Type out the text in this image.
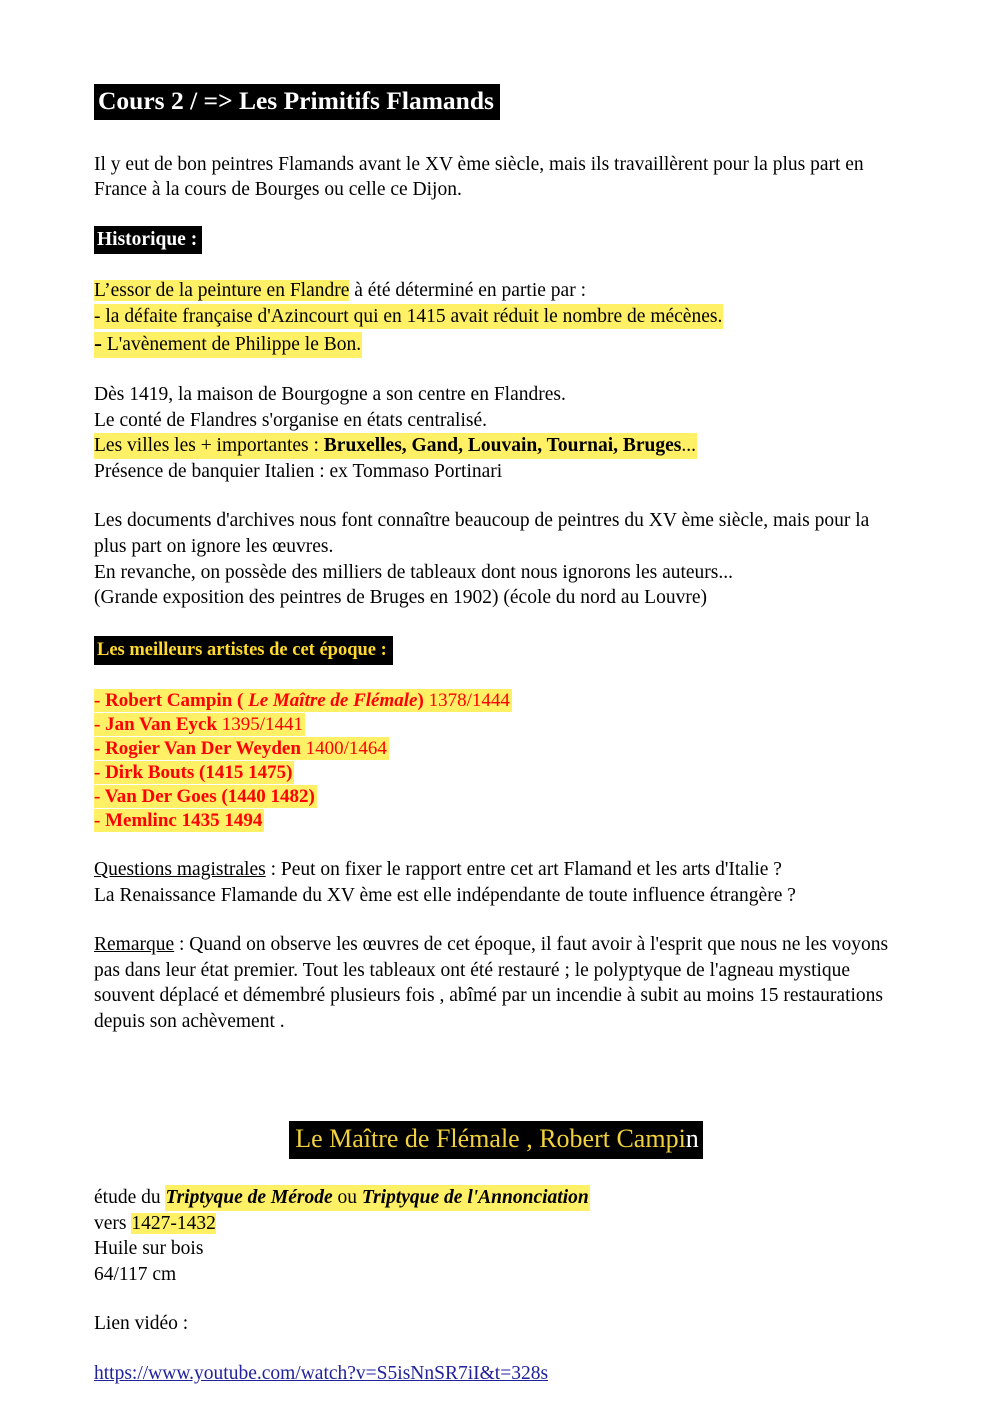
Cours 2 / => Les Primitifs Flamands

Il y eut de bon peintres Flamands avant le XV ème siècle, mais ils travaillèrent pour la plus part en France à la cours de Bourges ou celle ce Dijon.

Historique :
L’essor de la peinture en Flandre à été déterminé en partie par :
- la défaite française d'Azincourt qui en 1415 avait réduit le nombre de mécènes.
- L'avènement de Philippe le Bon.
Dès 1419, la maison de Bourgogne a son centre en Flandres.
Le conté de Flandres s'organise en états centralisé.
Les villes les + importantes : Bruxelles, Gand, Louvain, Tournai, Bruges...
Présence de banquier Italien : ex Tommaso Portinari

Les documents d'archives nous font connaître beaucoup de peintres du XV ème siècle, mais pour la plus part on ignore les œuvres.

En revanche, on possède des milliers de tableaux dont nous ignorons les auteurs...
(Grande exposition des peintres de Bruges en 1902) (école du nord au Louvre)
Les meilleurs artistes de cet époque :
- Robert Campin ( Le Maître de Flémale) 1378/1444
- Jan Van Eyck 1395/1441
- Rogier Van Der Weyden 1400/1464
- Dirk Bouts (1415 1475)
- Van Der Goes (1440 1482)
- Memlinc 1435 1494
Questions magistrales : Peut on fixer le rapport entre cet art Flamand et les arts d'Italie ?
La Renaissance Flamande du XV ème est elle indépendante de toute influence étrangère ?

Remarque : Quand on observe les œuvres de cet époque, il faut avoir à l'esprit que nous ne les voyons pas dans leur état premier. Tout les tableaux ont été restauré ; le polyptyque de l'agneau mystique souvent déplacé et démembré plusieurs fois , abîmé par un incendie à subit au moins 15 restaurations depuis son achèvement .

Le Maître de Flémale , Robert Campin
étude du Triptyque de Mérode ou Triptyque de l'Annonciation
vers 1427-1432
Huile sur bois
64/117 cm
Lien vidéo :
https://www.youtube.com/watch?v=S5isNnSR7iI&t=328s
